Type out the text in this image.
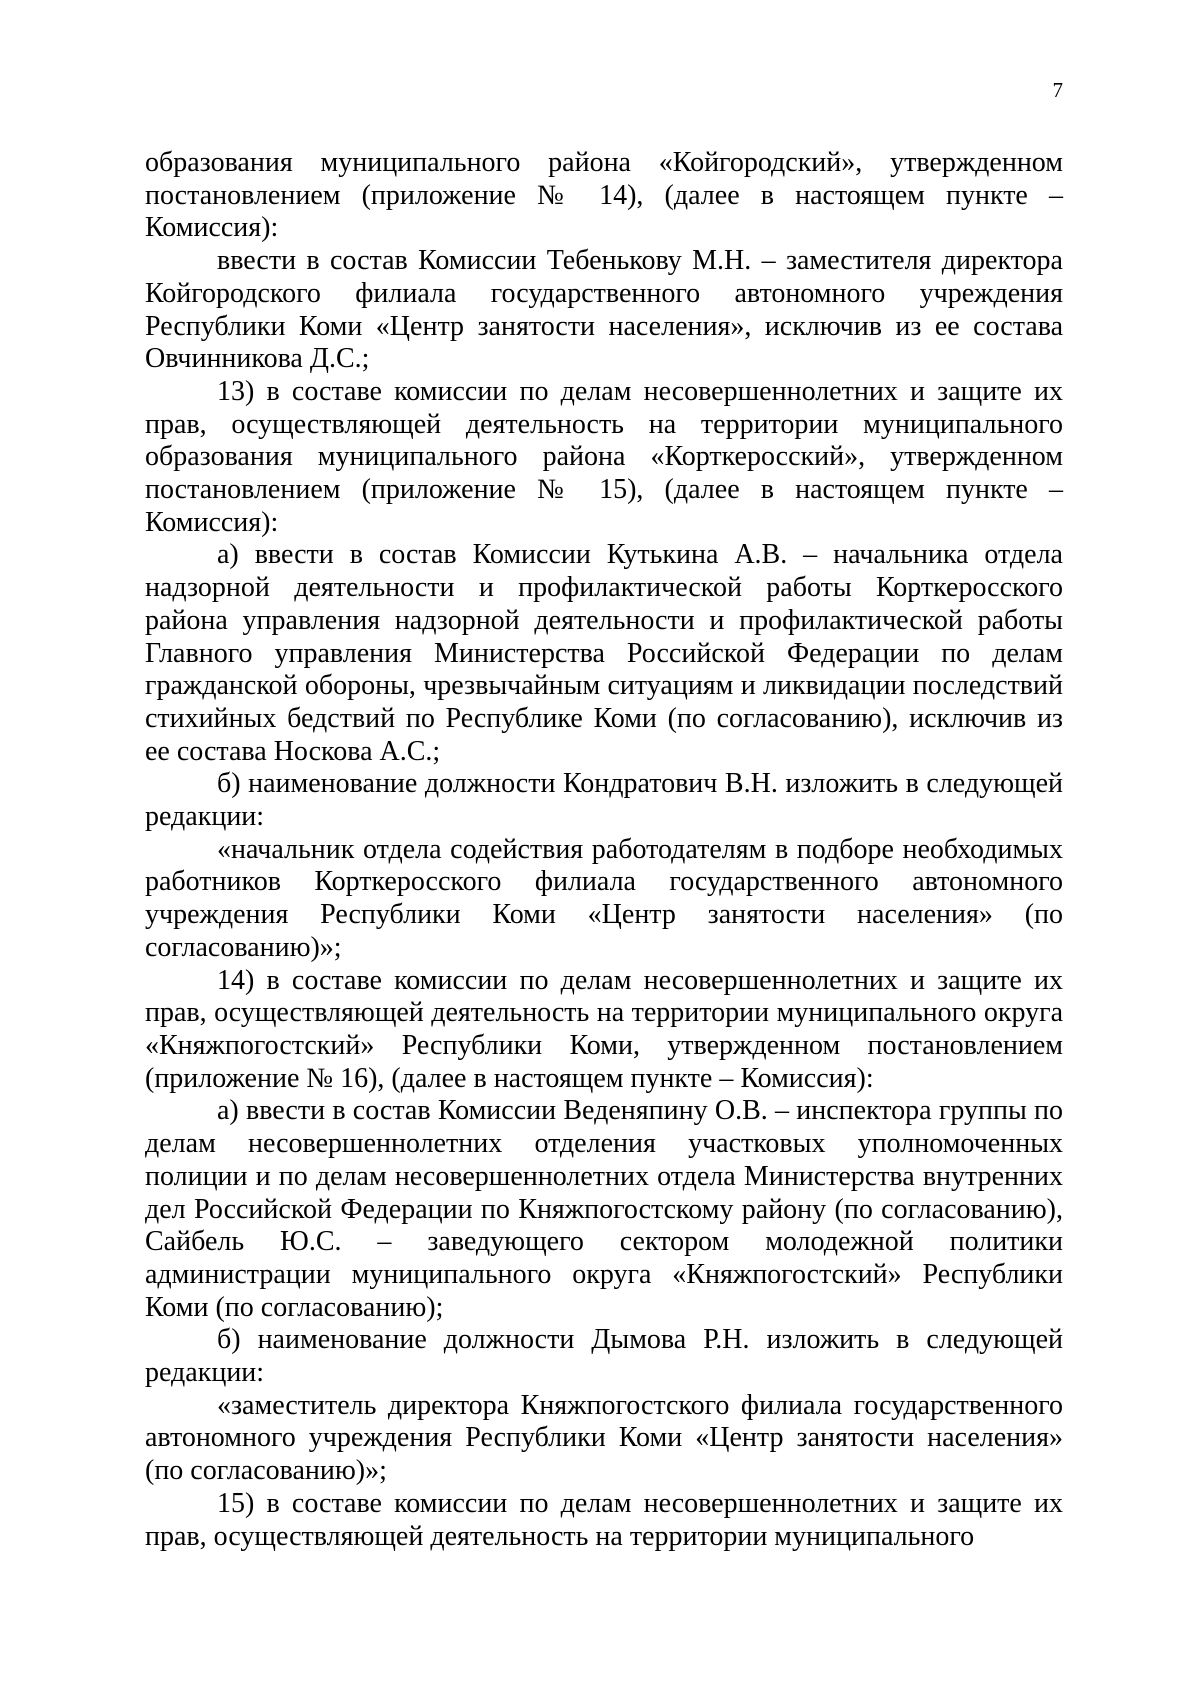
7

образования муниципального района «Койгородский», утвержденном постановлением (приложение № 14), (далее в настоящем пункте – Комиссия):

ввести в состав Комиссии Тебенькову М.Н. – заместителя директора Койгородского филиала государственного автономного учреждения Республики Коми «Центр занятости населения», исключив из ее состава Овчинникова Д.С.;

13) в составе комиссии по делам несовершеннолетних и защите их прав, осуществляющей деятельность на территории муниципального образования муниципального района «Корткеросский», утвержденном постановлением (приложение № 15), (далее в настоящем пункте – Комиссия):

а) ввести в состав Комиссии Кутькина А.В. – начальника отдела надзорной деятельности и профилактической работы Корткеросского района управления надзорной деятельности и профилактической работы Главного управления Министерства Российской Федерации по делам гражданской обороны, чрезвычайным ситуациям и ликвидации последствий стихийных бедствий по Республике Коми (по согласованию), исключив из ее состава Носкова А.С.;

б) наименование должности Кондратович В.Н. изложить в следующей редакции:

«начальник отдела содействия работодателям в подборе необходимых работников Корткеросского филиала государственного автономного учреждения Республики Коми «Центр занятости населения» (по согласованию)»;

14) в составе комиссии по делам несовершеннолетних и защите их прав, осуществляющей деятельность на территории муниципального округа «Княжпогостский» Республики Коми, утвержденном постановлением (приложение № 16), (далее в настоящем пункте – Комиссия):

а) ввести в состав Комиссии Веденяпину О.В. – инспектора группы по делам несовершеннолетних отделения участковых уполномоченных полиции и по делам несовершеннолетних отдела Министерства внутренних дел Российской Федерации по Княжпогостскому району (по согласованию), Сайбель Ю.С. – заведующего сектором молодежной политики администрации муниципального округа «Княжпогостский» Республики Коми (по согласованию);

б) наименование должности Дымова Р.Н. изложить в следующей редакции:

«заместитель директора Княжпогостского филиала государственного автономного учреждения Республики Коми «Центр занятости населения» (по согласованию)»;

15) в составе комиссии по делам несовершеннолетних и защите их прав, осуществляющей деятельность на территории муниципального
